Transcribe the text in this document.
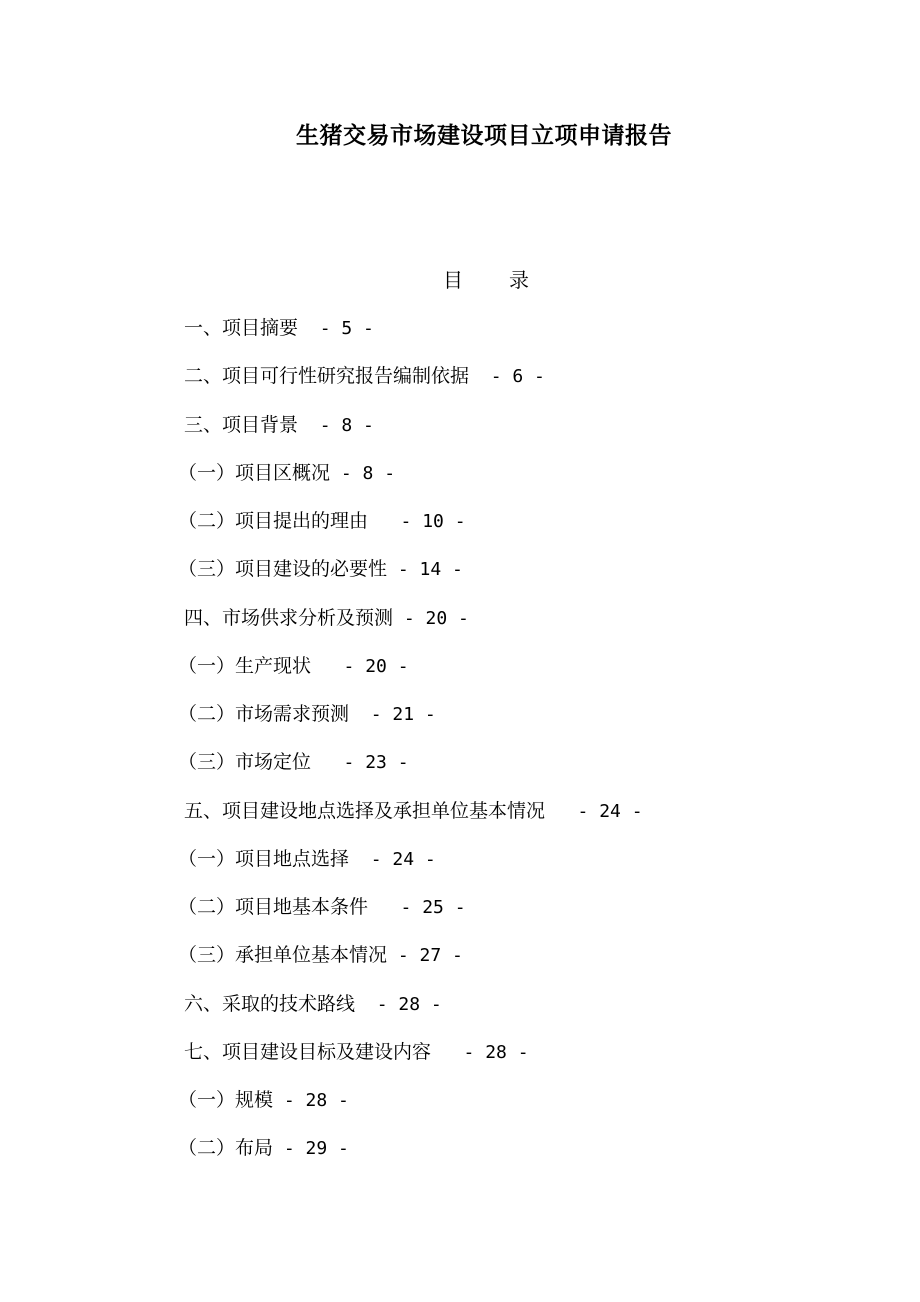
生猪交易市场建设项目立项申请报告
目 录
一、项目摘要  - 5 -
二、项目可行性研究报告编制依据  - 6 -
三、项目背景  - 8 -
（一）项目区概况 - 8 -
（二）项目提出的理由   - 10 -
（三）项目建设的必要性 - 14 -
四、市场供求分析及预测 - 20 -
（一）生产现状   - 20 -
（二）市场需求预测  - 21 -
（三）市场定位   - 23 -
五、项目建设地点选择及承担单位基本情况   - 24 -
（一）项目地点选择  - 24 -
（二）项目地基本条件   - 25 -
（三）承担单位基本情况 - 27 -
六、采取的技术路线  - 28 -
七、项目建设目标及建设内容   - 28 -
（一）规模 - 28 -
（二）布局 - 29 -
